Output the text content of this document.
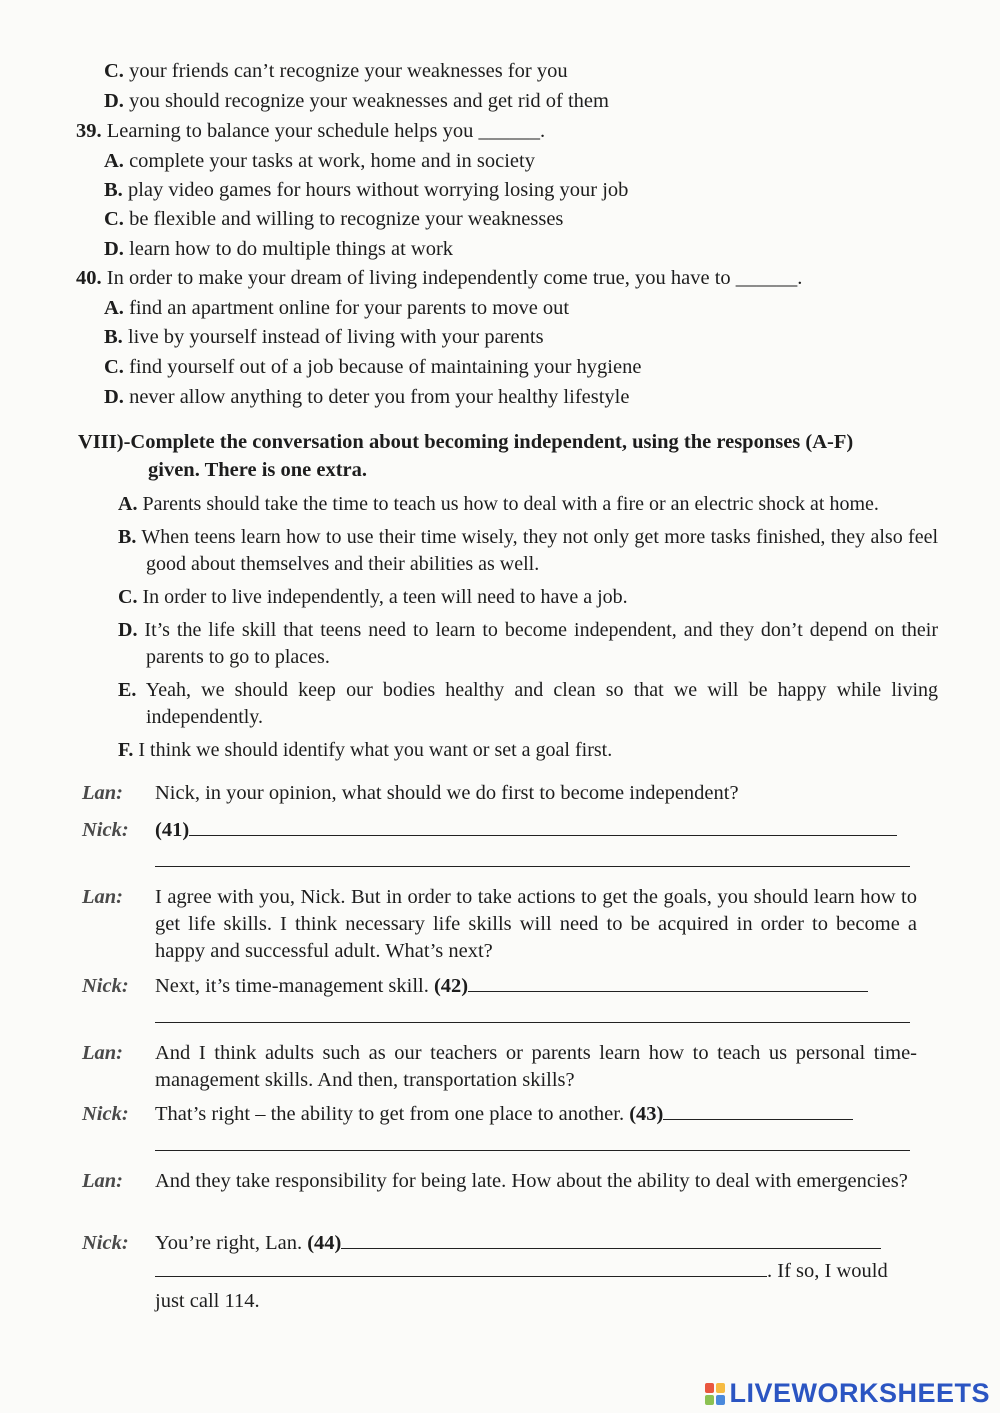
C. your friends can’t recognize your weaknesses for you
D. you should recognize your weaknesses and get rid of them
39. Learning to balance your schedule helps you ______.
A. complete your tasks at work, home and in society
B. play video games for hours without worrying losing your job
C. be flexible and willing to recognize your weaknesses
D. learn how to do multiple things at work
40. In order to make your dream of living independently come true, you have to ______.
A. find an apartment online for your parents to move out
B. live by yourself instead of living with your parents
C. find yourself out of a job because of maintaining your hygiene
D. never allow anything to deter you from your healthy lifestyle
VIII)-Complete the conversation about becoming independent, using the responses (A-F)
given. There is one extra.
A. Parents should take the time to teach us how to deal with a fire or an electric shock at home.
B. When teens learn how to use their time wisely, they not only get more tasks finished, they also feel good about themselves and their abilities as well.
C. In order to live independently, a teen will need to have a job.
D. It’s the life skill that teens need to learn to become independent, and they don’t depend on their parents to go to places.
E. Yeah, we should keep our bodies healthy and clean so that we will be happy while living independently.
F. I think we should identify what you want or set a goal first.
Lan: Nick, in your opinion, what should we do first to become independent?
Nick: (41)
Lan: I agree with you, Nick. But in order to take actions to get the goals, you should learn how to get life skills. I think necessary life skills will need to be acquired in order to become a happy and successful adult. What’s next?
Nick: Next, it’s time-management skill. (42)
Lan: And I think adults such as our teachers or parents learn how to teach us personal time-management skills. And then, transportation skills?
Nick: That’s right – the ability to get from one place to another. (43)
Lan: And they take responsibility for being late. How about the ability to deal with emergencies?
Nick: You’re right, Lan. (44)
. If so, I would
just call 114.
LIVEWORKSHEETS
